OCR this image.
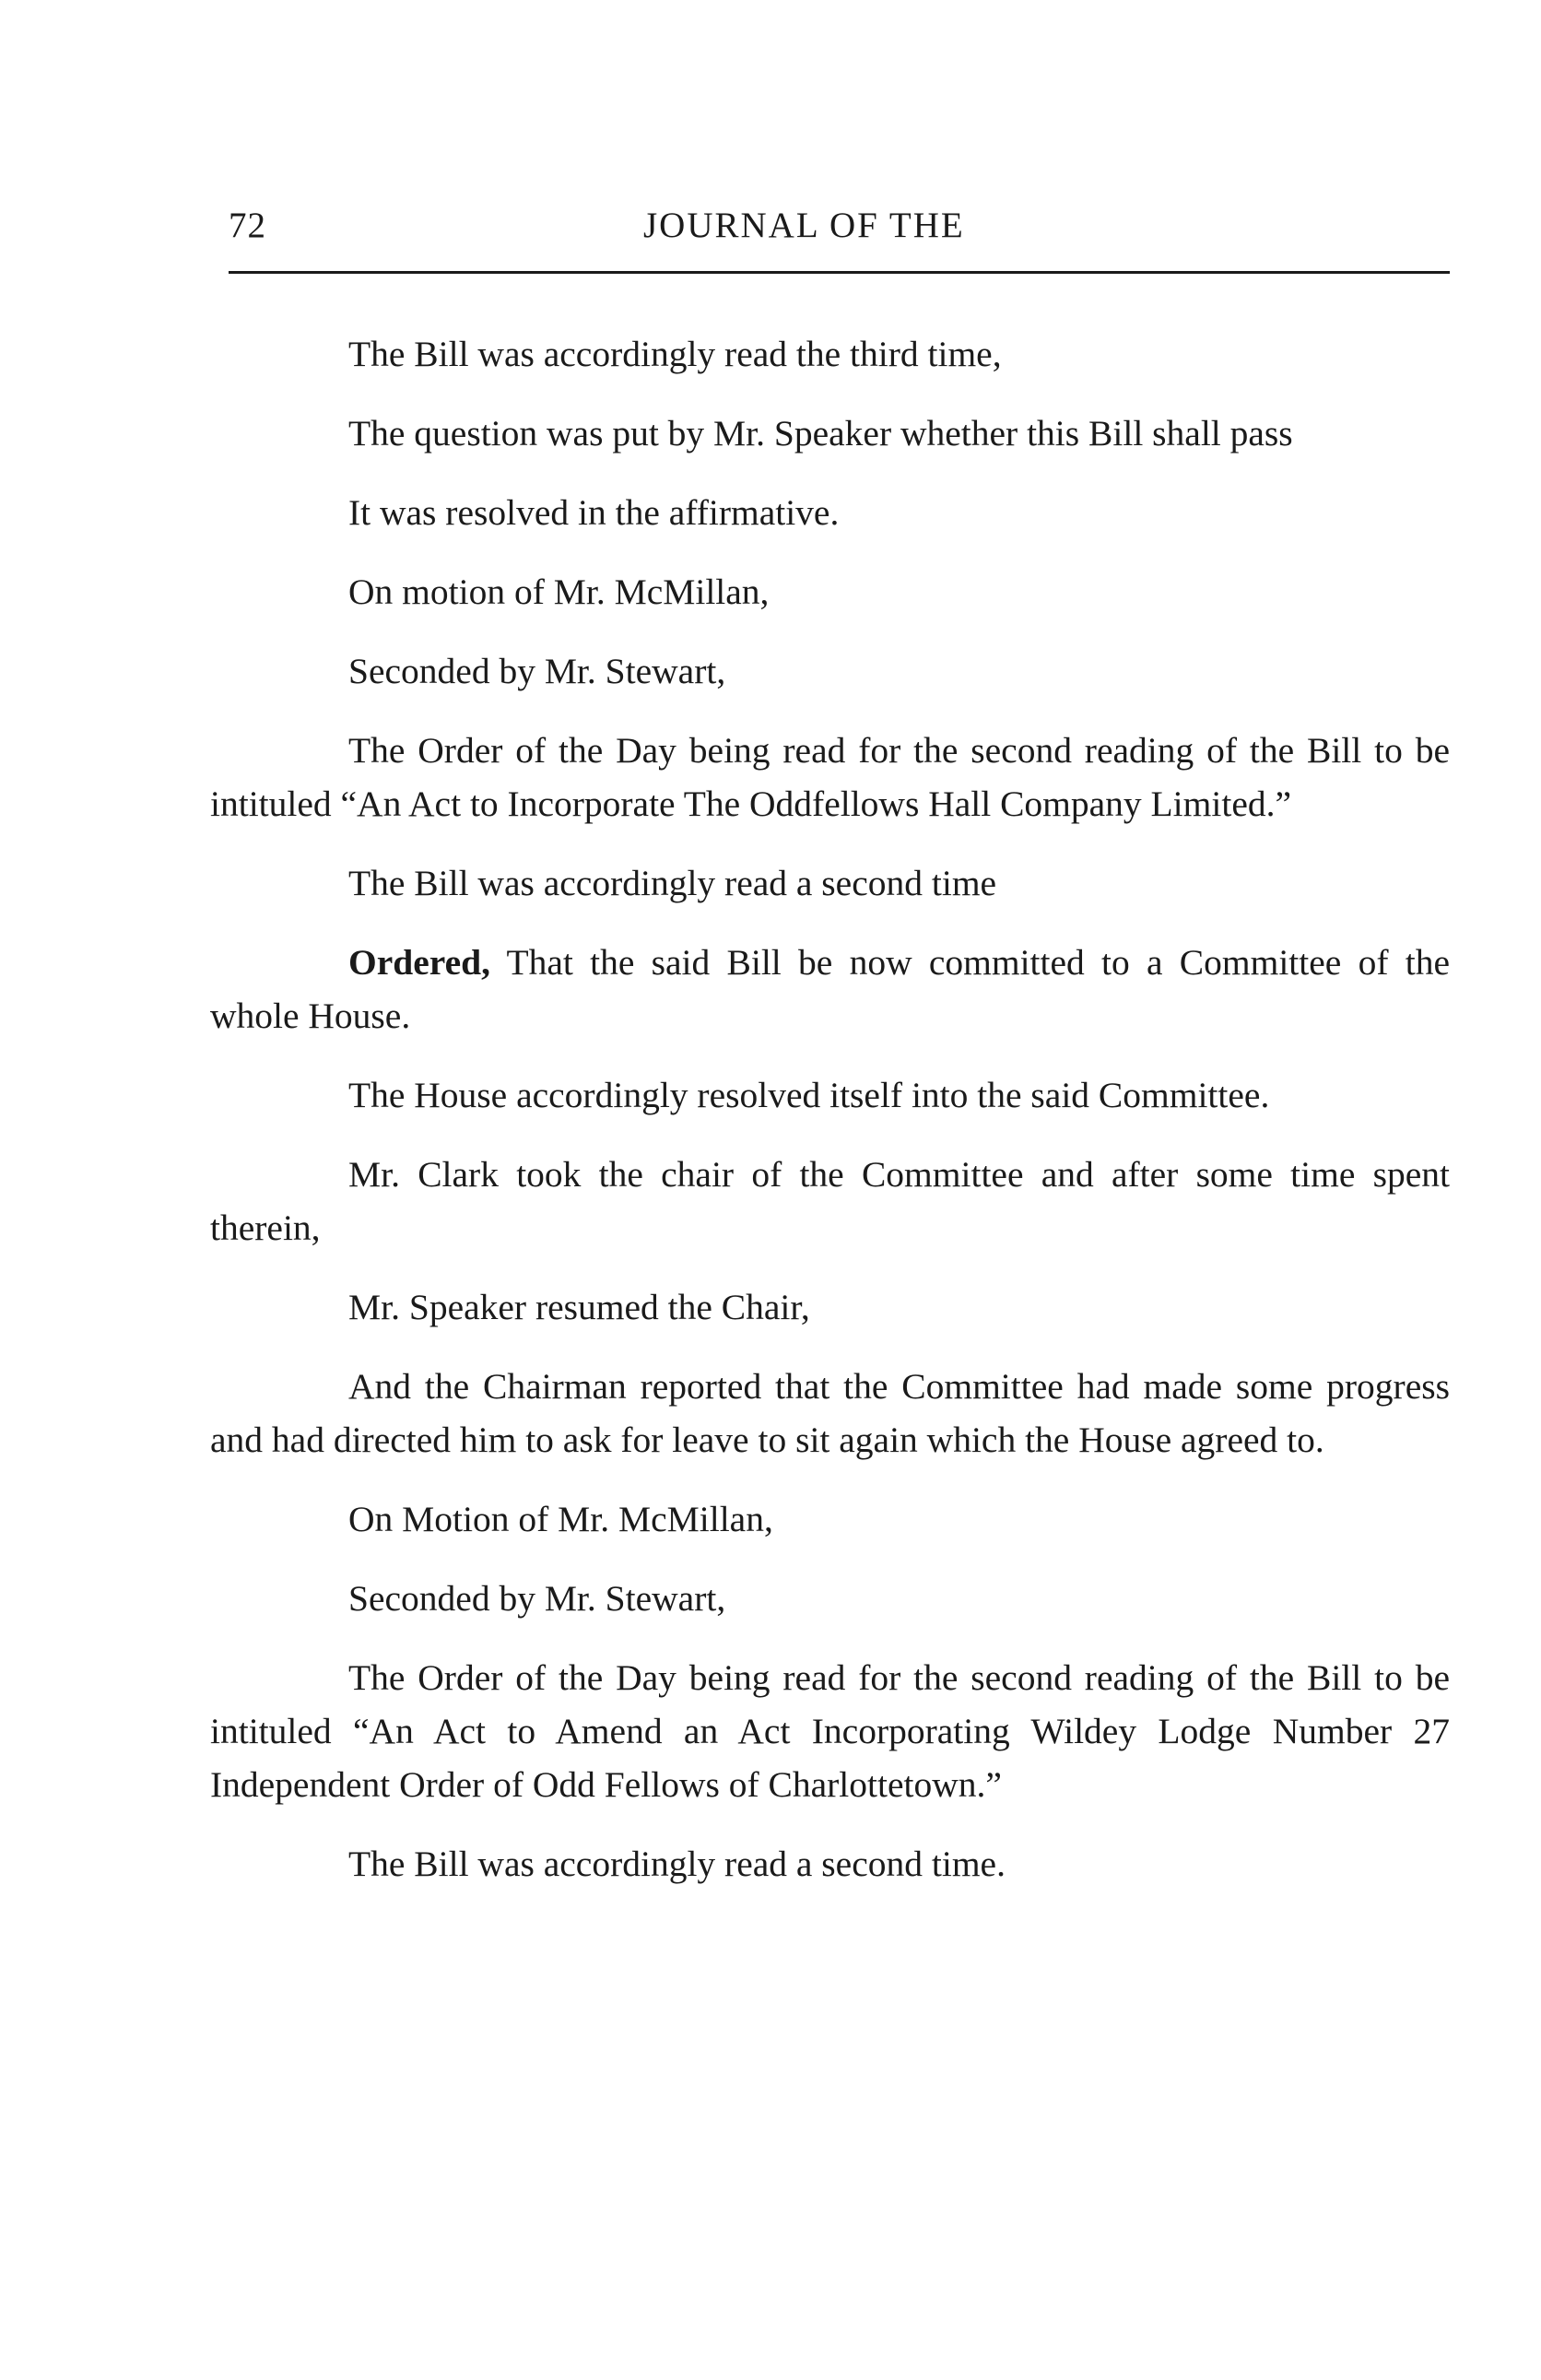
72	JOURNAL OF THE

The Bill was accordingly read the third time,

The question was put by Mr. Speaker whether this Bill shall pass

It was resolved in the affirmative.

On motion of Mr. McMillan,

Seconded by Mr. Stewart,

The Order of the Day being read for the second reading of the Bill to be intituled “An Act to Incorporate The Oddfellows Hall Company Limited.”

The Bill was accordingly read a second time

Ordered, That the said Bill be now committed to a Committee of the whole House.

The House accordingly resolved itself into the said Committee.

Mr. Clark took the chair of the Committee and after some time spent therein,

Mr. Speaker resumed the Chair,

And the Chairman reported that the Committee had made some progress and had directed him to ask for leave to sit again which the House agreed to.

On Motion of Mr. McMillan,

Seconded by Mr. Stewart,

The Order of the Day being read for the second reading of the Bill to be intituled “An Act to Amend an Act Incorporating Wildey Lodge Number 27 Independent Order of Odd Fellows of Charlottetown.”

The Bill was accordingly read a second time.
